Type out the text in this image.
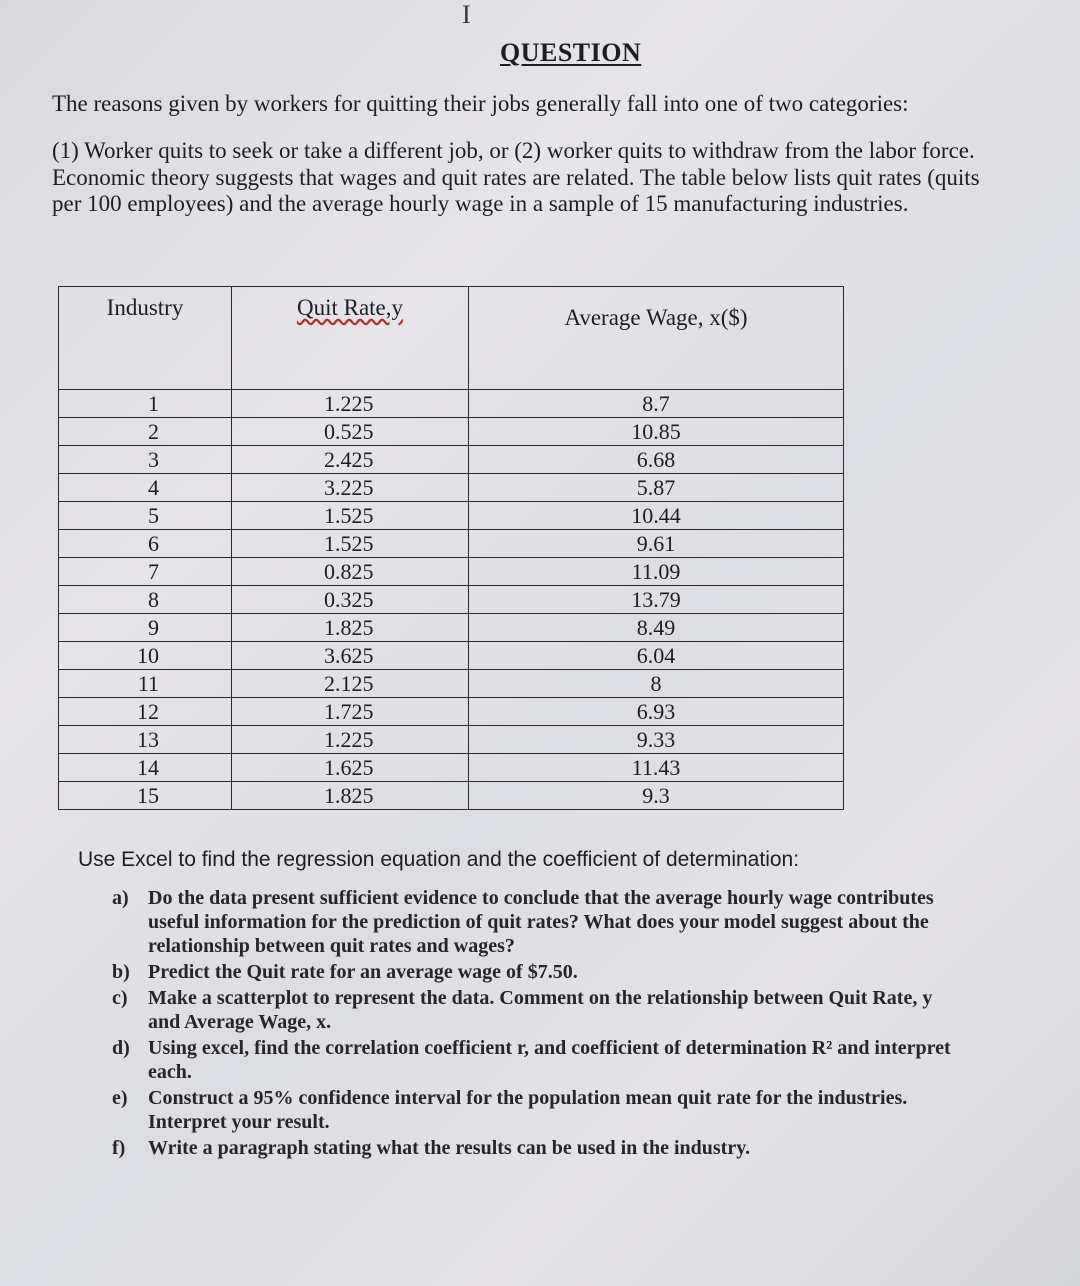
I
QUESTION

The reasons given by workers for quitting their jobs generally fall into one of two categories:

(1) Worker quits to seek or take a different job, or (2) worker quits to withdraw from the labor force. Economic theory suggests that wages and quit rates are related. The table below lists quit rates (quits per 100 employees) and the average hourly wage in a sample of 15 manufacturing industries.

Industry	Quit Rate,y	Average Wage, x($)
1	1.225	8.7
2	0.525	10.85
3	2.425	6.68
4	3.225	5.87
5	1.525	10.44
6	1.525	9.61
7	0.825	11.09
8	0.325	13.79
9	1.825	8.49
10	3.625	6.04
11	2.125	8
12	1.725	6.93
13	1.225	9.33
14	1.625	11.43
15	1.825	9.3
Use Excel to find the regression equation and the coefficient of determination:
a) Do the data present sufficient evidence to conclude that the average hourly wage contributes useful information for the prediction of quit rates? What does your model suggest about the relationship between quit rates and wages?
b) Predict the Quit rate for an average wage of $7.50.
c)	Make a scatterplot to represent the data. Comment on the relationship between Quit Rate, y and Average Wage, x.
d) Using excel, find the correlation coefficient r, and coefficient of determination R² and interpret each.
e)	Construct a 95% confidence interval for the population mean quit rate for the industries. Interpret your result.
f)	Write a paragraph stating what the results can be used in the industry.
